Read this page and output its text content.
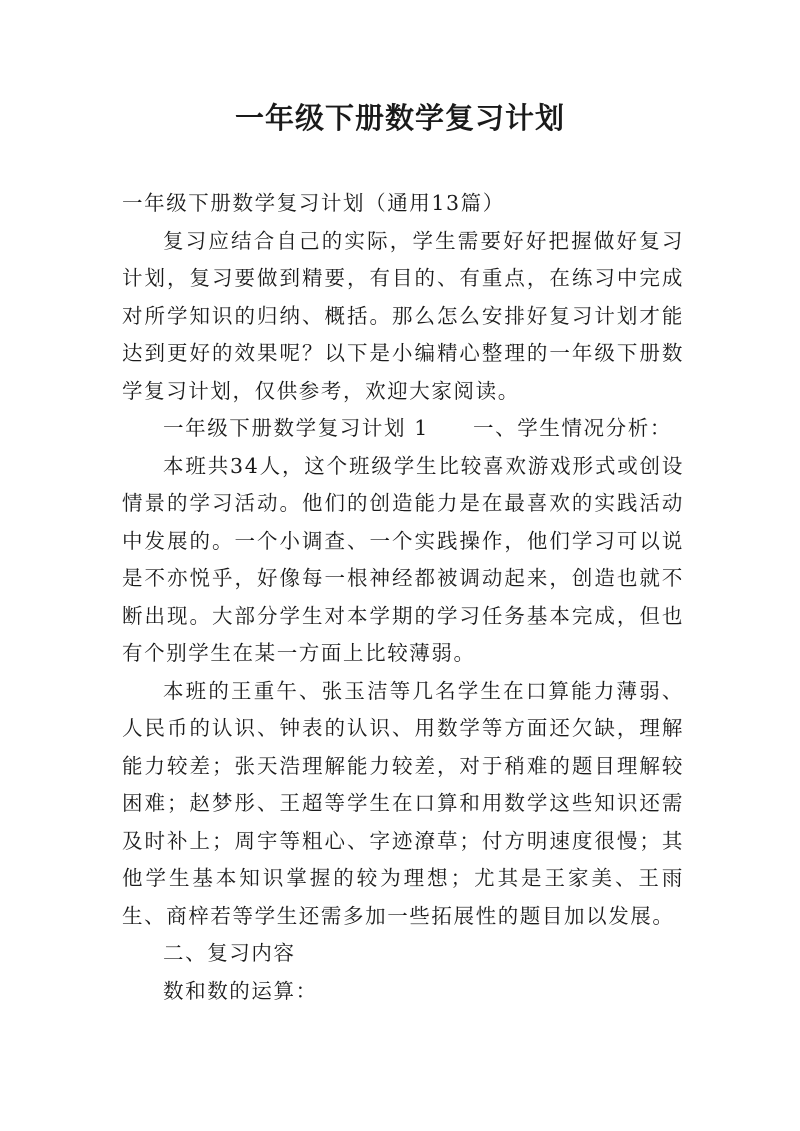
一年级下册数学复习计划

一年级下册数学复习计划（通用13篇）

复习应结合自己的实际，学生需要好好把握做好复习计划，复习要做到精要，有目的、有重点，在练习中完成对所学知识的归纳、概括。那么怎么安排好复习计划才能达到更好的效果呢？以下是小编精心整理的一年级下册数学复习计划，仅供参考，欢迎大家阅读。

一年级下册数学复习计划 1　　一、学生情况分析：

本班共34人，这个班级学生比较喜欢游戏形式或创设情景的学习活动。他们的创造能力是在最喜欢的实践活动中发展的。一个小调查、一个实践操作，他们学习可以说是不亦悦乎，好像每一根神经都被调动起来，创造也就不断出现。大部分学生对本学期的学习任务基本完成，但也有个别学生在某一方面上比较薄弱。

本班的王重午、张玉洁等几名学生在口算能力薄弱、人民币的认识、钟表的认识、用数学等方面还欠缺，理解能力较差；张天浩理解能力较差，对于稍难的题目理解较困难；赵梦彤、王超等学生在口算和用数学这些知识还需及时补上；周宇等粗心、字迹潦草；付方明速度很慢；其他学生基本知识掌握的较为理想；尤其是王家美、王雨生、商梓若等学生还需多加一些拓展性的题目加以发展。

二、复习内容

数和数的运算：
